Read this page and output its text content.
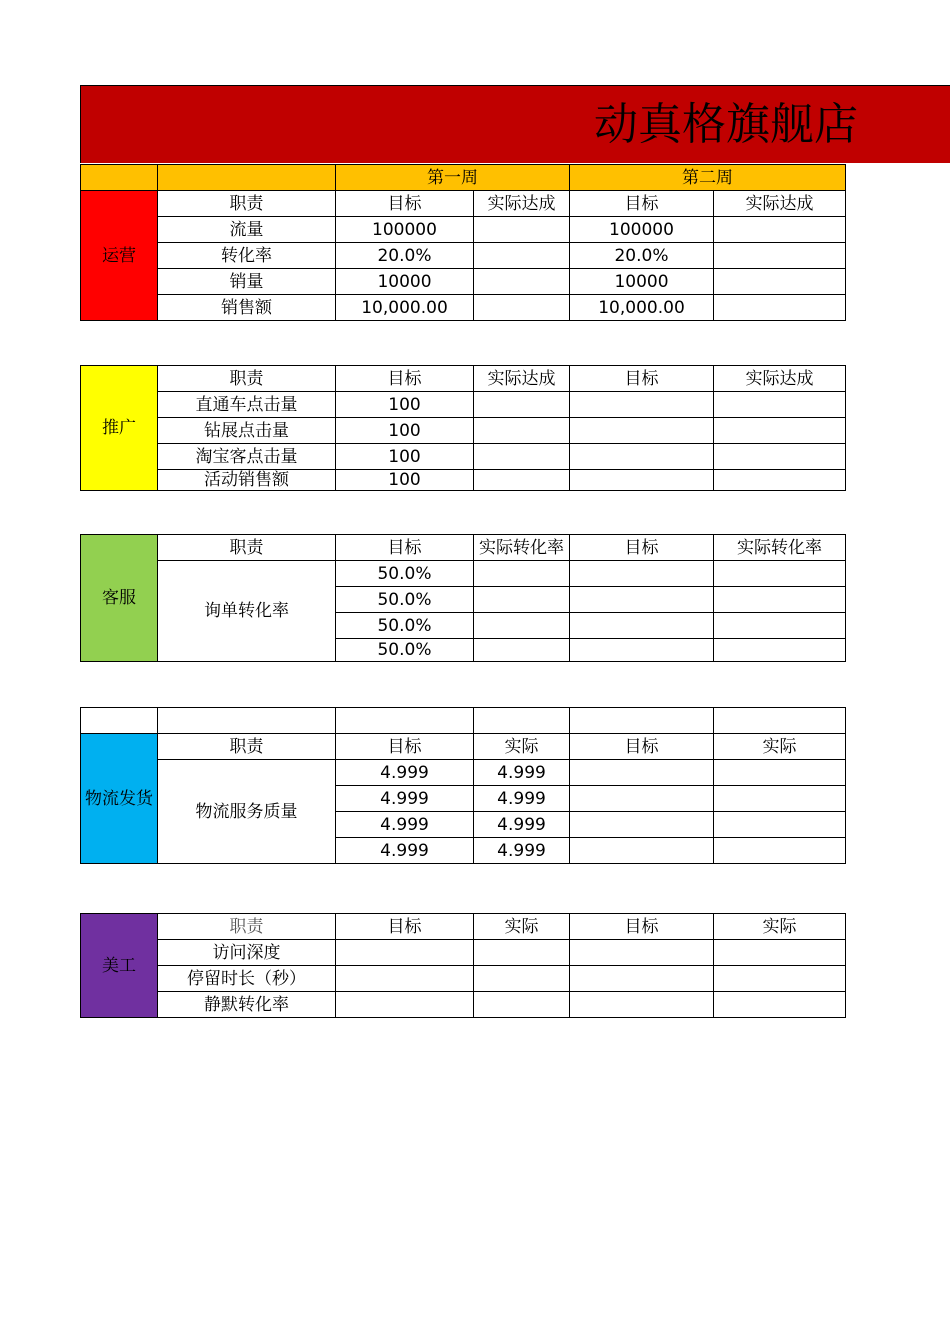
动真格旗舰店
		第一周	第二周
运营	职责	目标	实际达成	目标	实际达成
	流量	100000		100000	
	转化率	20.0%		20.0%	
	销量	10000		10000	
	销售额	10,000.00		10,000.00	
推广	职责	目标	实际达成	目标	实际达成
	直通车点击量	100			
	钻展点击量	100			
	淘宝客点击量	100			
	活动销售额	100			
客服	职责	目标	实际转化率	目标	实际转化率
	询单转化率	50.0%			
		50.0%			
		50.0%			
		50.0%			

物流发货	职责	目标	实际	目标	实际
	物流服务质量	4.999	4.999		
		4.999	4.999		
		4.999	4.999		
		4.999	4.999		
美工	职责	目标	实际	目标	实际
	访问深度				
	停留时长（秒）				
	静默转化率				
